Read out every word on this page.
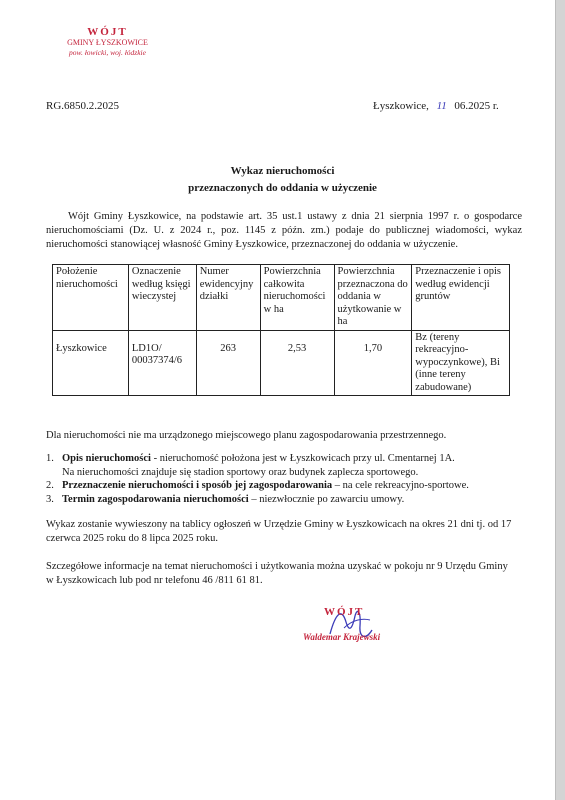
WÓJT
GMINY ŁYSZKOWICE
pow. łowicki, woj. łódzkie
RG.6850.2.2025	Łyszkowice, 11 06.2025 r.
Wykaz nieruchomości
przeznaczonych do oddania w użyczenie
Wójt Gminy Łyszkowice, na podstawie art. 35 ust.1 ustawy z dnia 21 sierpnia 1997 r. o gospodarce nieruchomościami (Dz. U. z 2024 r., poz. 1145 z późn. zm.) podaje do publicznej wiadomości, wykaz nieruchomości stanowiącej własność Gminy Łyszkowice, przeznaczonej do oddania w użyczenie.
Położenie nieruchomości	Oznaczenie według księgi wieczystej	Numer ewidencyjny działki	Powierzchnia całkowita nieruchomości w ha	Powierzchnia przeznaczona do oddania w użytkowanie w ha	Przeznaczenie i opis według ewidencji gruntów
Łyszkowice	LD1O/ 00037374/6	263	2,53	1,70	Bz (tereny rekreacyjno-wypoczynkowe), Bi (inne tereny zabudowane)
Dla nieruchomości nie ma urządzonego miejscowego planu zagospodarowania przestrzennego.
1. Opis nieruchomości - nieruchomość położona jest w Łyszkowicach przy ul. Cmentarnej 1A.
Na nieruchomości znajduje się stadion sportowy oraz budynek zaplecza sportowego.
2. Przeznaczenie nieruchomości i sposób jej zagospodarowania – na cele rekreacyjno-sportowe.
3. Termin zagospodarowania nieruchomości – niezwłocznie po zawarciu umowy.
Wykaz zostanie wywieszony na tablicy ogłoszeń w Urzędzie Gminy w Łyszkowicach na okres 21 dni tj. od 17 czerwca 2025 roku do 8 lipca 2025 roku.
Szczegółowe informacje na temat nieruchomości i użytkowania można uzyskać w pokoju nr 9 Urzędu Gminy w Łyszkowicach lub pod nr telefonu 46 /811 61 81.
WÓJT
Waldemar Krajewski
